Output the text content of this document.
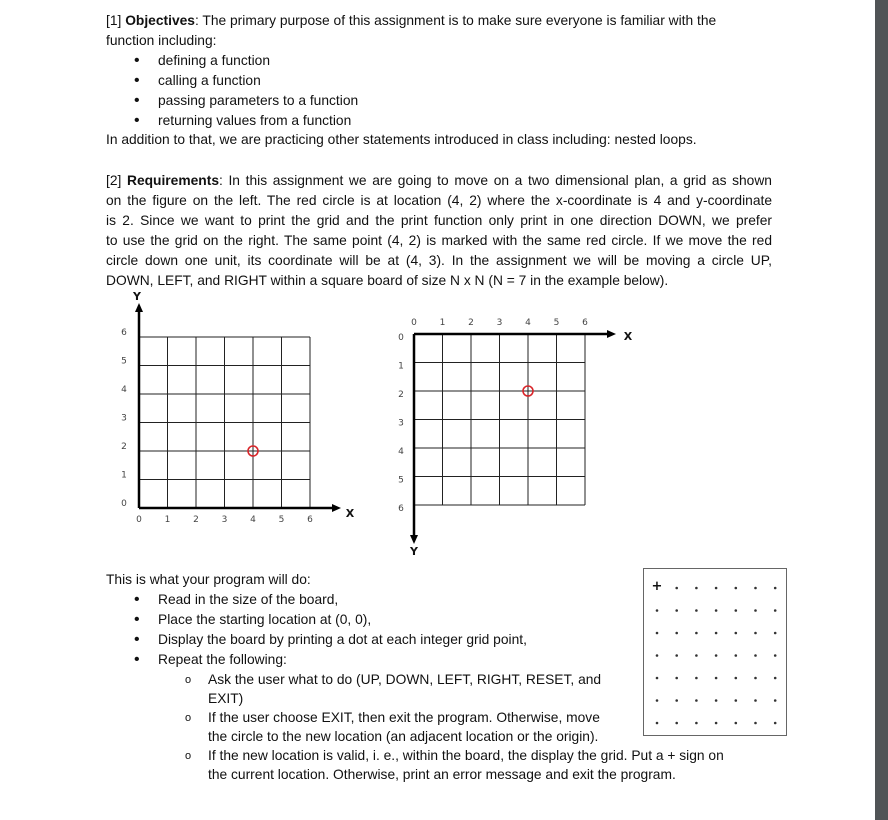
[1] Objectives: The primary purpose of this assignment is to make sure everyone is familiar with the
function including:
• defining a function
• calling a function
• passing parameters to a function
• returning values from a function
In addition to that, we are practicing other statements introduced in class including: nested loops.
[2] Requirements: In this assignment we are going to move on a two dimensional plan, a grid as shown
on the figure on the left. The red circle is at location (4, 2) where the x-coordinate is 4 and y-coordinate
is 2. Since we want to print the grid and the print function only print in one direction DOWN, we prefer
to use the grid on the right. The same point (4, 2) is marked with the same red circle. If we move the red
circle down one unit, its coordinate will be at (4, 3). In the assignment we will be moving a circle UP,
DOWN, LEFT, and RIGHT within a square board of size N x N (N = 7 in the example below).
Y
X
0	1	2	3	4	5	6
0
1
2
3
4
5
6	X
Y
0	1	2	3	4	5	6
0
1
2
3
4
5
6
+
This is what your program will do:
• Read in the size of the board,
• Place the starting location at (0, 0),
• Display the board by printing a dot at each integer grid point,
• Repeat the following:
o Ask the user what to do (UP, DOWN, LEFT, RIGHT, RESET, and
EXIT)
o If the user choose EXIT, then exit the program. Otherwise, move
the circle to the new location (an adjacent location or the origin).
o If the new location is valid, i. e., within the board, the display the grid. Put a + sign on
the current location. Otherwise, print an error message and exit the program.
